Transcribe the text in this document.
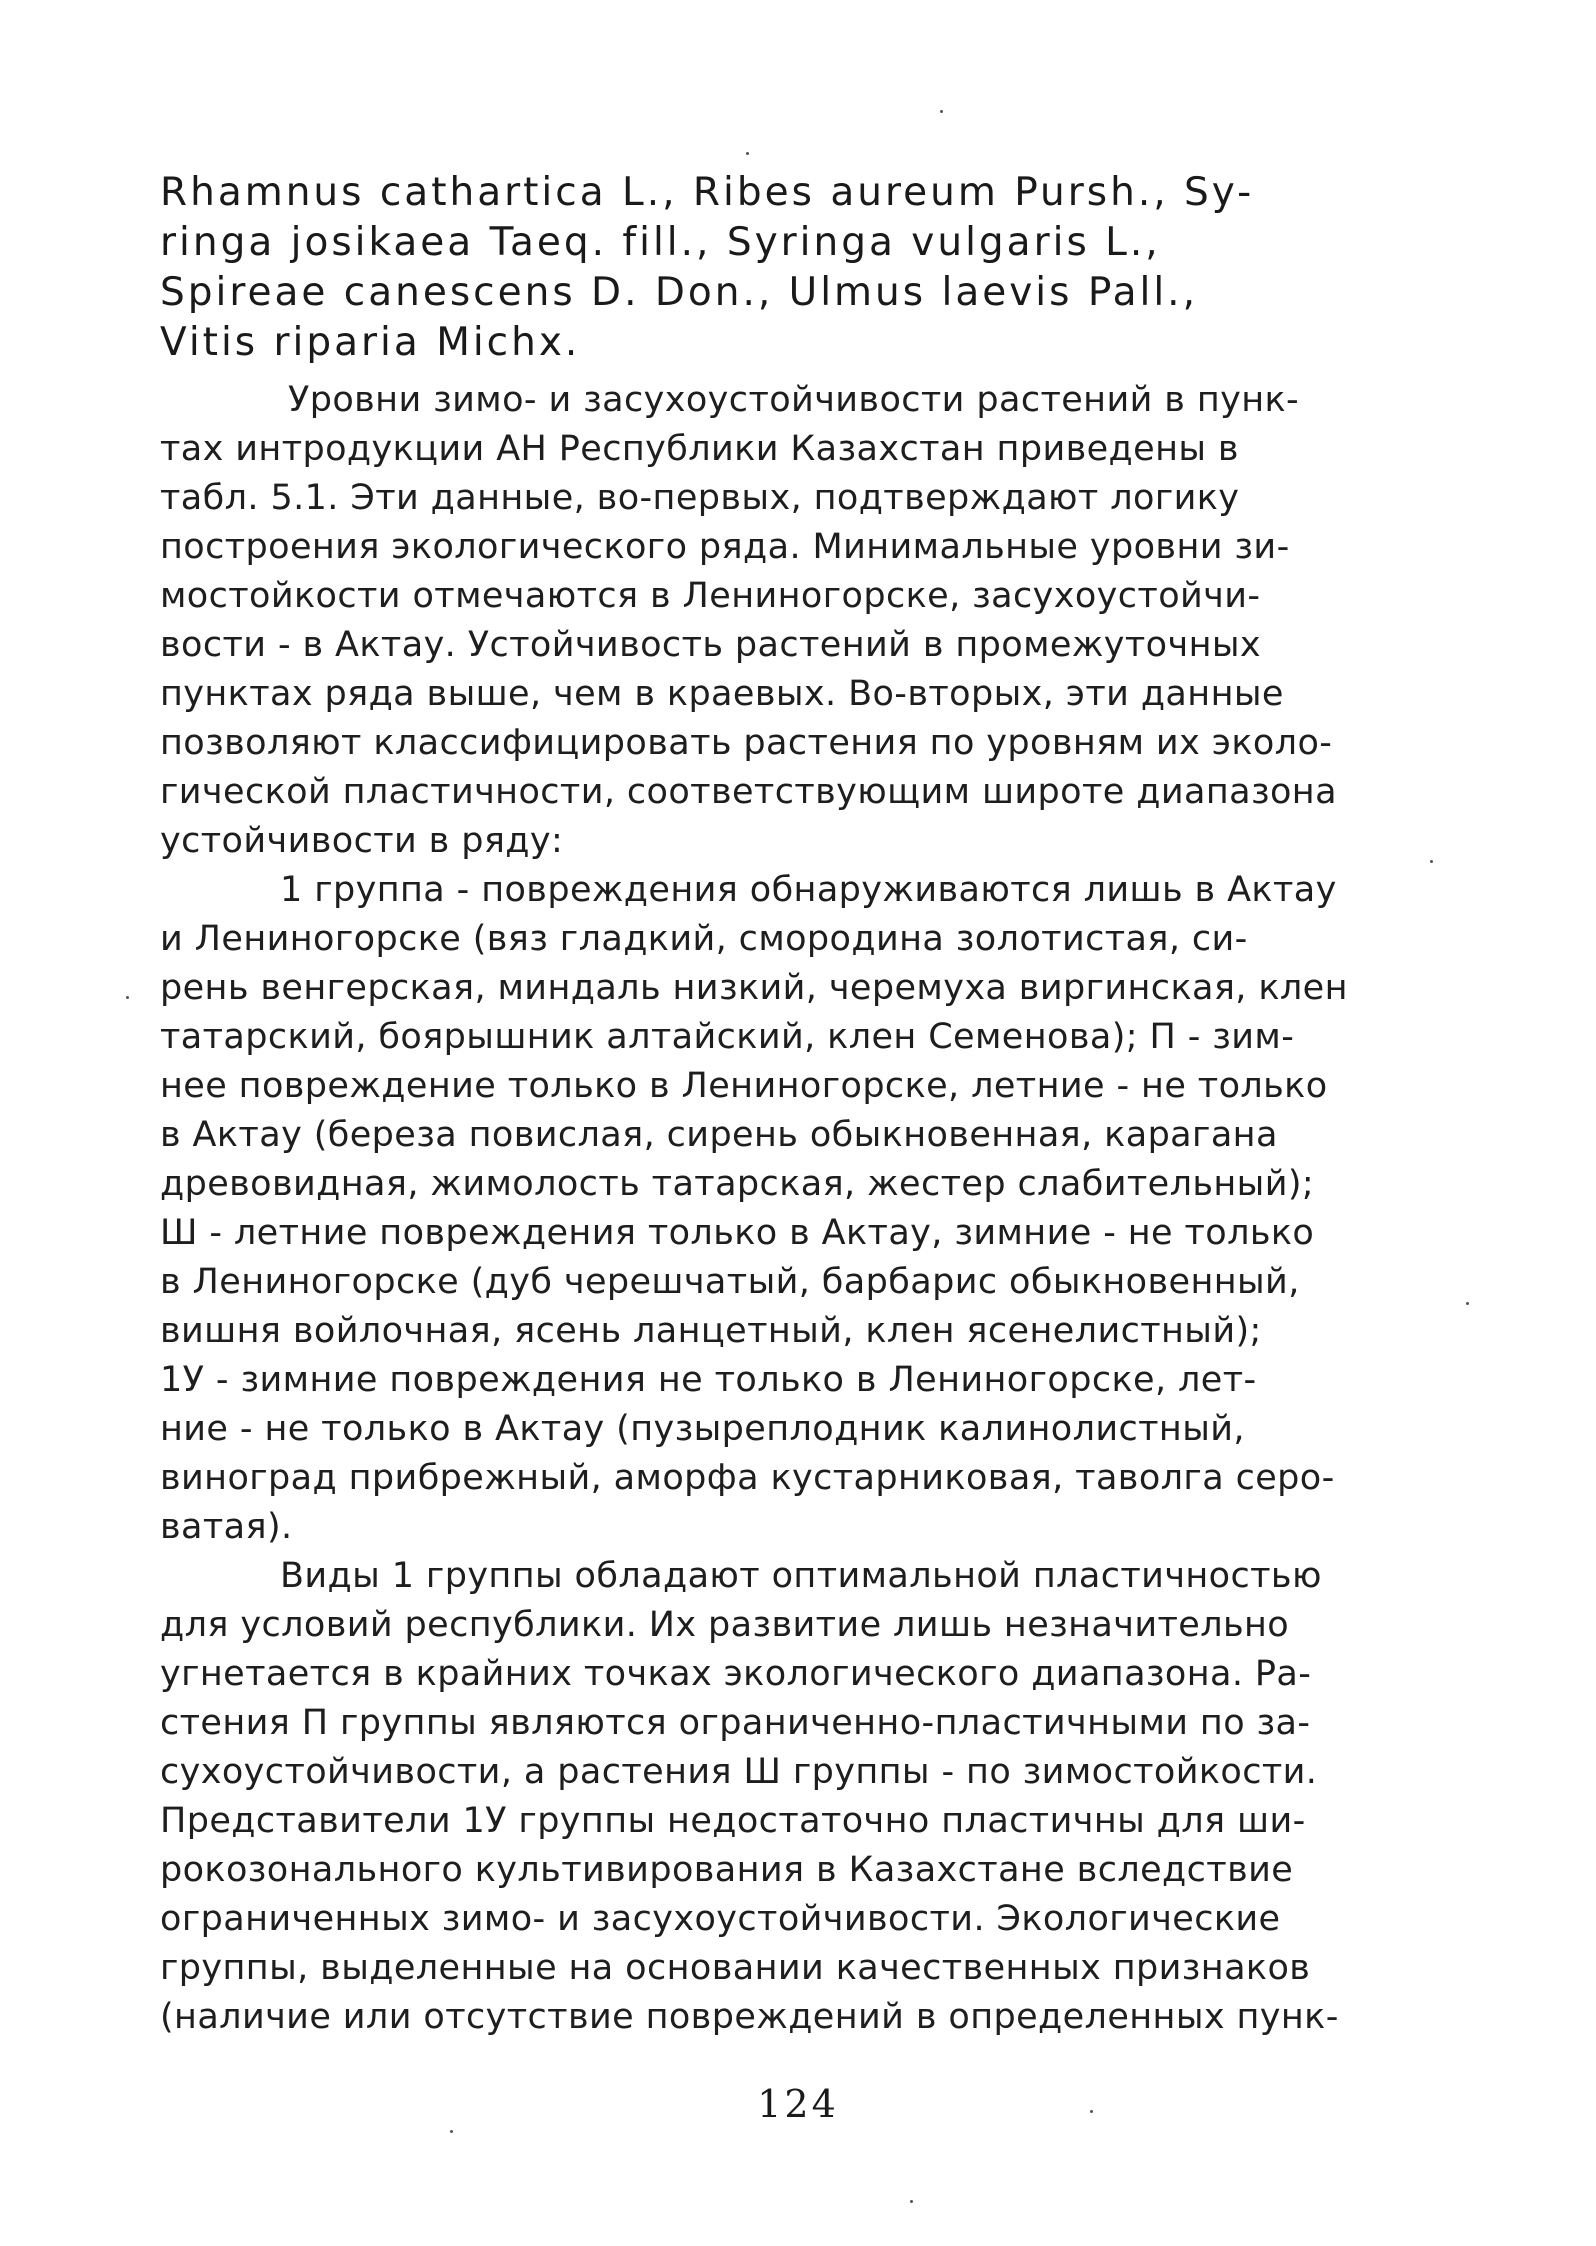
Rhamnus cathartica L., Ribes aureum Pursh., Sy-
ringa josikaea Taeq. fill., Syringa vulgaris L.,
Spireae canescens D. Don., Ulmus laevis Pall.,
Vitis riparia Michx.
Уровни зимо- и засухоустойчивости растений в пунк-
тах интродукции АН Республики Казахстан приведены в
табл. 5.1. Эти данные, во-первых, подтверждают логику
построения экологического ряда. Минимальные уровни зи-
мостойкости отмечаются в Лениногорске, засухоустойчи-
вости - в Актау. Устойчивость растений в промежуточных
пунктах ряда выше, чем в краевых. Во-вторых, эти данные
позволяют классифицировать растения по уровням их эколо-
гической пластичности, соответствующим широте диапазона
устойчивости в ряду:
1 группа - повреждения обнаруживаются лишь в Актау
и Лениногорске (вяз гладкий, смородина золотистая, си-
рень венгерская, миндаль низкий, черемуха виргинская, клен
татарский, боярышник алтайский, клен Семенова); П - зим-
нее повреждение только в Лениногорске, летние - не только
в Актау (береза повислая, сирень обыкновенная, карагана
древовидная, жимолость татарская, жестер слабительный);
Ш - летние повреждения только в Актау, зимние - не только
в Лениногорске (дуб черешчатый, барбарис обыкновенный,
вишня войлочная, ясень ланцетный, клен ясенелистный);
1У - зимние повреждения не только в Лениногорске, лет-
ние - не только в Актау (пузыреплодник калинолистный,
виноград прибрежный, аморфа кустарниковая, таволга серо-
ватая).
Виды 1 группы обладают оптимальной пластичностью
для условий республики. Их развитие лишь незначительно
угнетается в крайних точках экологического диапазона. Ра-
стения П группы являются ограниченно-пластичными по за-
сухоустойчивости, а растения Ш группы - по зимостойкости.
Представители 1У группы недостаточно пластичны для ши-
рокозонального культивирования в Казахстане вследствие
ограниченных зимо- и засухоустойчивости. Экологические
группы, выделенные на основании качественных признаков
(наличие или отсутствие повреждений в определенных пунк-
124
